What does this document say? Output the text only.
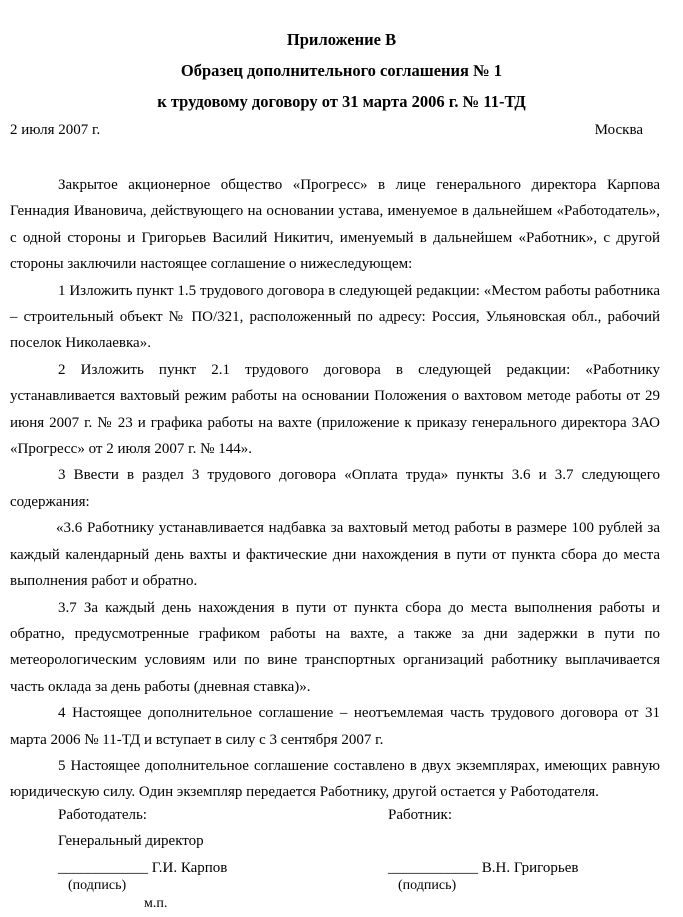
Приложение В
Образец дополнительного соглашения № 1
к трудовому договору от 31 марта 2006 г. № 11-ТД
2 июля 2007 г.	Москва

Закрытое акционерное общество «Прогресс» в лице генерального директора Карпова Геннадия Ивановича, действующего на основании устава, именуемое в дальнейшем «Работодатель», с одной стороны и Григорьев Василий Никитич, именуемый в дальнейшем «Работник», с другой стороны заключили настоящее соглашение о нижеследующем:

1 Изложить пункт 1.5 трудового договора в следующей редакции: «Местом работы работника – строительный объект № ПО/321, расположенный по адресу: Россия, Ульяновская обл., рабочий поселок Николаевка».

2 Изложить пункт 2.1 трудового договора в следующей редакции: «Работнику устанавливается вахтовый режим работы на основании Положения о вахтовом методе работы от 29 июня 2007 г. № 23 и графика работы на вахте (приложение к приказу генерального директора ЗАО «Прогресс» от 2 июля 2007 г. № 144».

3 Ввести в раздел 3 трудового договора «Оплата труда» пункты 3.6 и 3.7 следующего содержания:

«3.6 Работнику устанавливается надбавка за вахтовый метод работы в размере 100 рублей за каждый календарный день вахты и фактические дни нахождения в пути от пункта сбора до места выполнения работ и обратно.

3.7 За каждый день нахождения в пути от пункта сбора до места выполнения работы и обратно, предусмотренные графиком работы на вахте, а также за дни задержки в пути по метеорологическим условиям или по вине транспортных организаций работнику выплачивается часть оклада за день работы (дневная ставка)».

4 Настоящее дополнительное соглашение – неотъемлемая часть трудового договора от 31 марта 2006 № 11-ТД и вступает в силу с 3 сентября 2007 г.

5 Настоящее дополнительное соглашение составлено в двух экземплярах, имеющих равную юридическую силу. Один экземпляр передается Работнику, другой остается у Работодателя.

Работодатель:	Работник:
Генеральный директор
____________ Г.И. Карпов	____________ В.Н. Григорьев
(подпись)	(подпись)
м.п.
